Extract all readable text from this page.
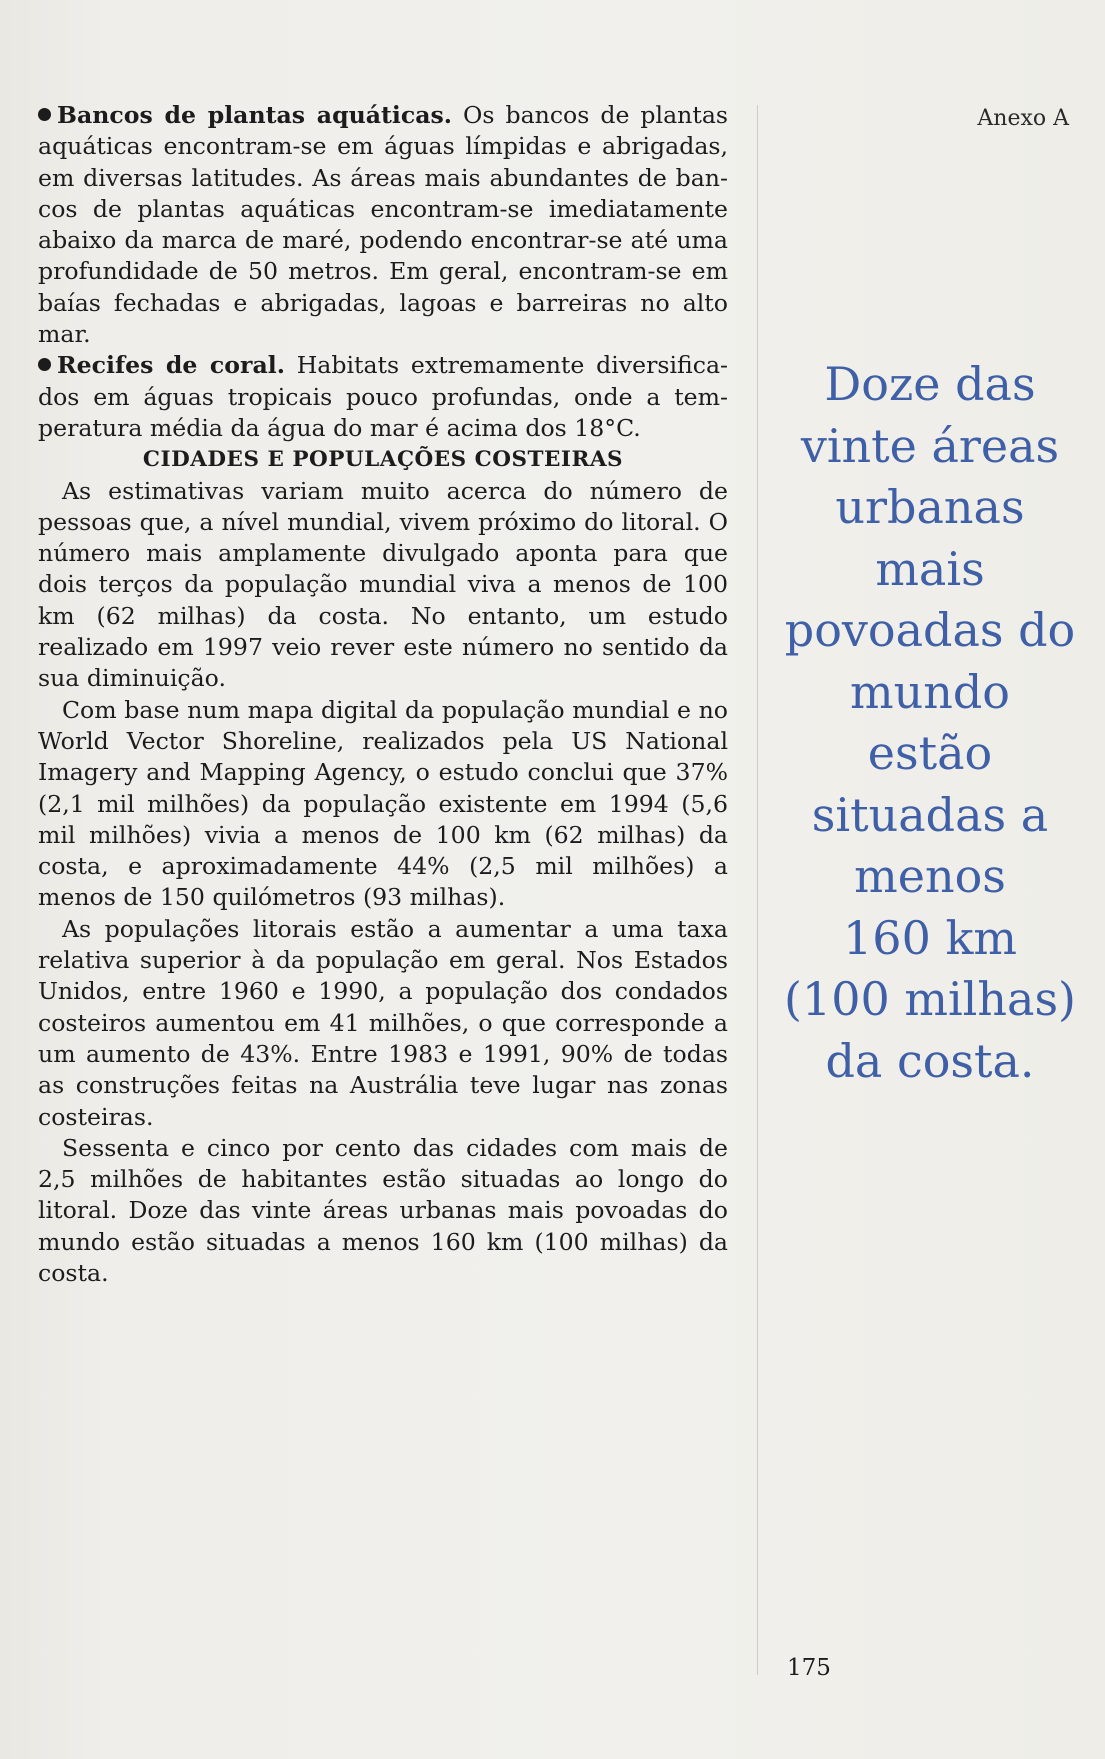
Anexo A

Bancos de plantas aquáticas. Os bancos de plantas aquáticas encontram-se em águas límpidas e abrigadas, em diversas latitudes. As áreas mais abundantes de bancos de plantas aquáticas encontram-se imediatamente abaixo da marca de maré, podendo encontrar-se até uma profundidade de 50 metros. Em geral, encontram-se em baías fechadas e abrigadas, lagoas e barreiras no alto mar.

Recifes de coral. Habitats extremamente diversificados em águas tropicais pouco profundas, onde a temperatura média da água do mar é acima dos 18°C.

CIDADES E POPULAÇÕES COSTEIRAS

As estimativas variam muito acerca do número de pessoas que, a nível mundial, vivem próximo do litoral. O número mais amplamente divulgado aponta para que dois terços da população mundial viva a menos de 100 km (62 milhas) da costa. No entanto, um estudo realizado em 1997 veio rever este número no sentido da sua diminuição.

Com base num mapa digital da população mundial e no World Vector Shoreline, realizados pela US National Imagery and Mapping Agency, o estudo conclui que 37% (2,1 mil milhões) da população existente em 1994 (5,6 mil milhões) vivia a menos de 100 km (62 milhas) da costa, e aproximadamente 44% (2,5 mil milhões) a menos de 150 quilómetros (93 milhas).

As populações litorais estão a aumentar a uma taxa relativa superior à da população em geral. Nos Estados Unidos, entre 1960 e 1990, a população dos condados costeiros aumentou em 41 milhões, o que corresponde a um aumento de 43%. Entre 1983 e 1991, 90% de todas as construções feitas na Austrália teve lugar nas zonas costeiras.

Sessenta e cinco por cento das cidades com mais de 2,5 milhões de habitantes estão situadas ao longo do litoral. Doze das vinte áreas urbanas mais povoadas do mundo estão situadas a menos 160 km (100 milhas) da costa.

Doze das
vinte áreas
urbanas
mais
povoadas do
mundo
estão
situadas a
menos
160 km
(100 milhas)
da costa.
175
